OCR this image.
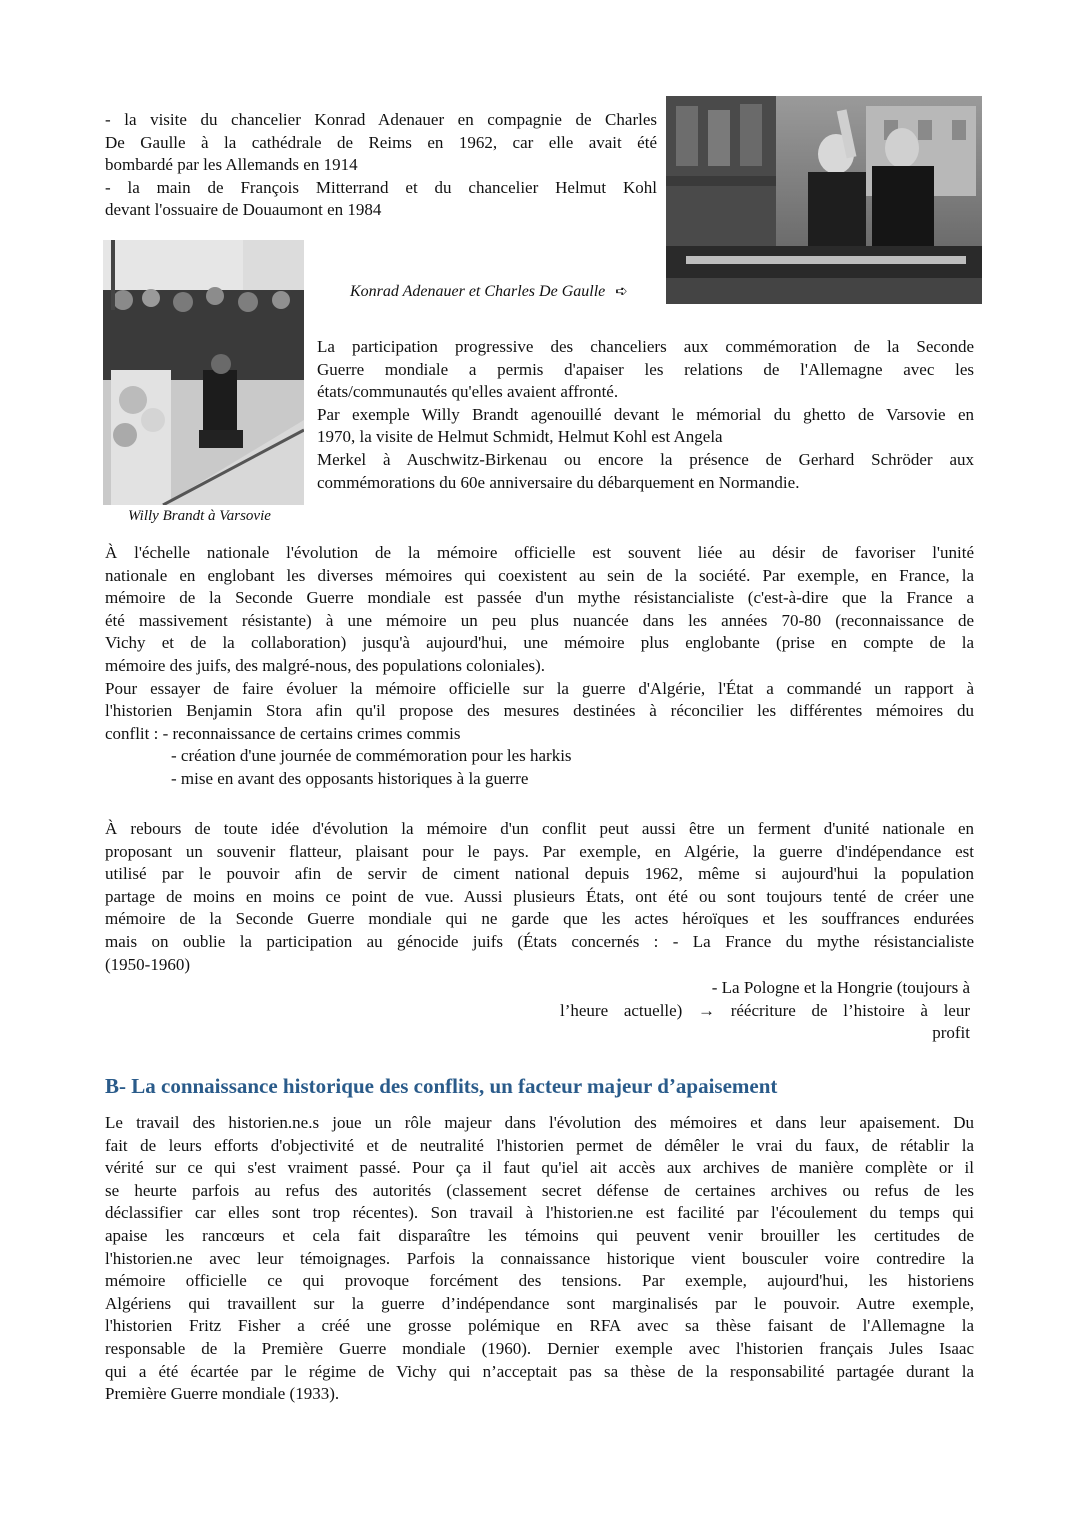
- la visite du chancelier Konrad Adenauer en compagnie de Charles
De Gaulle à la cathédrale de Reims en 1962, car elle avait été
bombardé par les Allemands en 1914
- la main de François Mitterrand et du chancelier Helmut Kohl
devant l'ossuaire de Douaumont en 1984
Konrad Adenauer et Charles De Gaulle ➪
Willy Brandt à Varsovie
La participation progressive des chanceliers aux commémoration de la Seconde
Guerre mondiale a permis d'apaiser les relations de l'Allemagne avec les
états/communautés qu'elles avaient affronté.
Par exemple Willy Brandt agenouillé devant le mémorial du ghetto de Varsovie en
1970, la visite de Helmut Schmidt, Helmut Kohl est Angela
Merkel à Auschwitz-Birkenau ou encore la présence de Gerhard Schröder aux
commémorations du 60e anniversaire du débarquement en Normandie.
À l'échelle nationale l'évolution de la mémoire officielle est souvent liée au désir de favoriser l'unité
nationale en englobant les diverses mémoires qui coexistent au sein de la société. Par exemple, en France, la
mémoire de la Seconde Guerre mondiale est passée d'un mythe résistancialiste (c'est-à-dire que la France a
été massivement résistante) à une mémoire un peu plus nuancée dans les années 70-80 (reconnaissance de
Vichy et de la collaboration) jusqu'à aujourd'hui, une mémoire plus englobante (prise en compte de la
mémoire des juifs, des malgré-nous, des populations coloniales).
Pour essayer de faire évoluer la mémoire officielle sur la guerre d'Algérie, l'État a commandé un rapport à
l'historien Benjamin Stora afin qu'il propose des mesures destinées à réconcilier les différentes mémoires du
conflit : - reconnaissance de certains crimes commis
- création d'une journée de commémoration pour les harkis
- mise en avant des opposants historiques à la guerre
À rebours de toute idée d'évolution la mémoire d'un conflit peut aussi être un ferment d'unité nationale en
proposant un souvenir flatteur, plaisant pour le pays. Par exemple, en Algérie, la guerre d'indépendance est
utilisé par le pouvoir afin de servir de ciment national depuis 1962, même si aujourd'hui la population
partage de moins en moins ce point de vue. Aussi plusieurs États, ont été ou sont toujours tenté de créer une
mémoire de la Seconde Guerre mondiale qui ne garde que les actes héroïques et les souffrances endurées
mais on oublie la participation au génocide juifs (États concernés : - La France du mythe résistancialiste
(1950-1960)
- La Pologne et la Hongrie (toujours à
l’heure actuelle) → réécriture de l’histoire à leur
profit
B- La connaissance historique des conflits, un facteur majeur d’apaisement
Le travail des historien.ne.s joue un rôle majeur dans l'évolution des mémoires et dans leur apaisement. Du
fait de leurs efforts d'objectivité et de neutralité l'historien permet de démêler le vrai du faux, de rétablir la
vérité sur ce qui s'est vraiment passé. Pour ça il faut qu'iel ait accès aux archives de manière complète or il
se heurte parfois au refus des autorités (classement secret défense de certaines archives ou refus de les
déclassifier car elles sont trop récentes). Son travail à l'historien.ne est facilité par l'écoulement du temps qui
apaise les rancœurs et cela fait disparaître les témoins qui peuvent venir brouiller les certitudes de
l'historien.ne avec leur témoignages. Parfois la connaissance historique vient bousculer voire contredire la
mémoire officielle ce qui provoque forcément des tensions. Par exemple, aujourd'hui, les historiens
Algériens qui travaillent sur la guerre d’indépendance sont marginalisés par le pouvoir. Autre exemple,
l'historien Fritz Fisher a créé une grosse polémique en RFA avec sa thèse faisant de l'Allemagne la
responsable de la Première Guerre mondiale (1960). Dernier exemple avec l'historien français Jules Isaac
qui a été écartée par le régime de Vichy qui n’acceptait pas sa thèse de la responsabilité partagée durant la
Première Guerre mondiale (1933).
